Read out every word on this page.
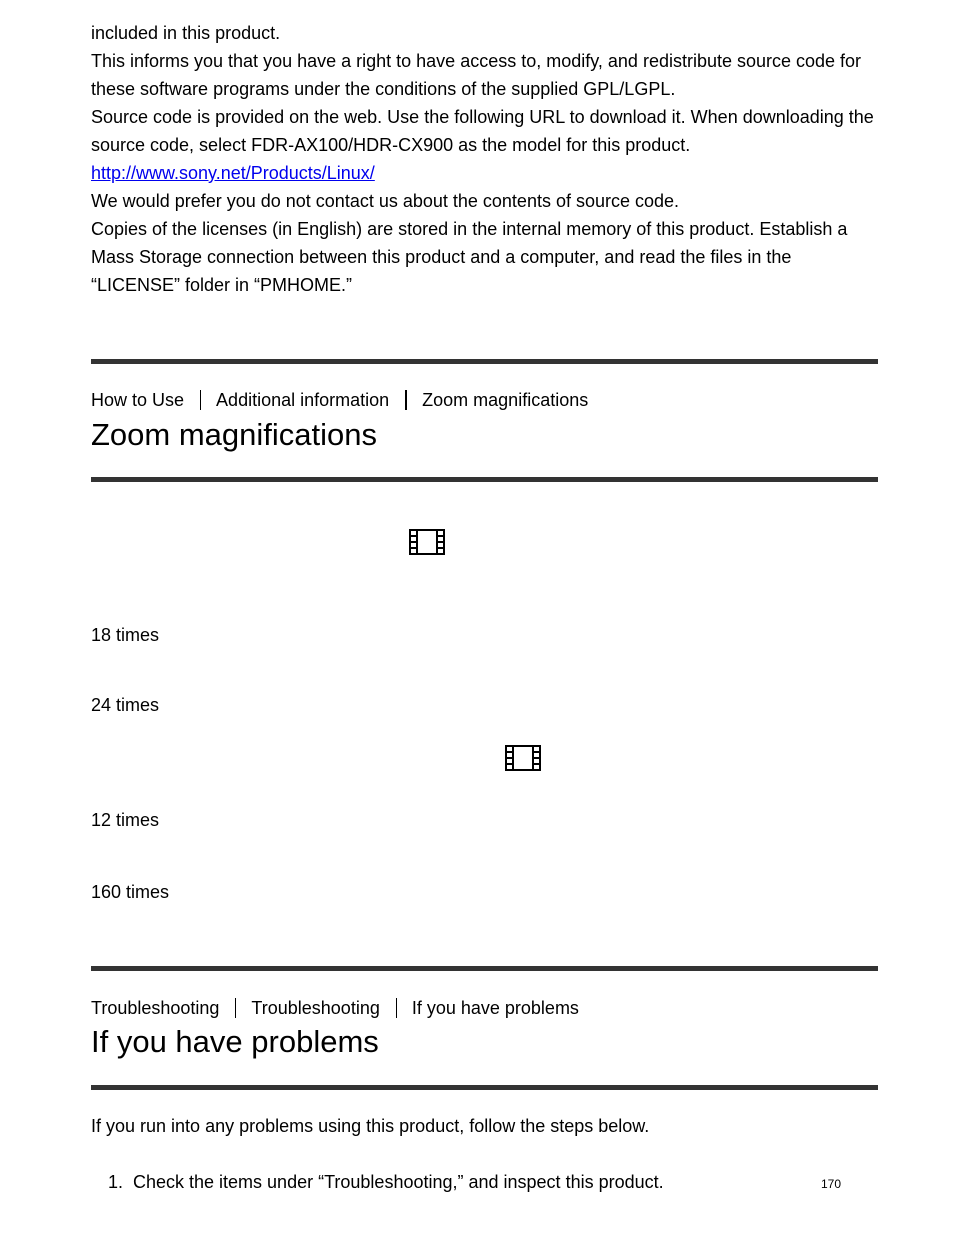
included in this product.

This informs you that you have a right to have access to, modify, and redistribute source code for these software programs under the conditions of the supplied GPL/LGPL.

Source code is provided on the web. Use the following URL to download it. When downloading the source code, select FDR-AX100/HDR-CX900 as the model for this product.

http://www.sony.net/Products/Linux/

We would prefer you do not contact us about the contents of source code.

Copies of the licenses (in English) are stored in the internal memory of this product. Establish a Mass Storage connection between this product and a computer, and read the files in the “LICENSE” folder in “PMHOME.”

How to Use Additional information Zoom magnifications
Zoom magnifications
18 times
24 times
12 times
160 times
Troubleshooting Troubleshooting If you have problems
If you have problems
If you run into any problems using this product, follow the steps below.
1. Check the items under “Troubleshooting,” and inspect this product.	170
